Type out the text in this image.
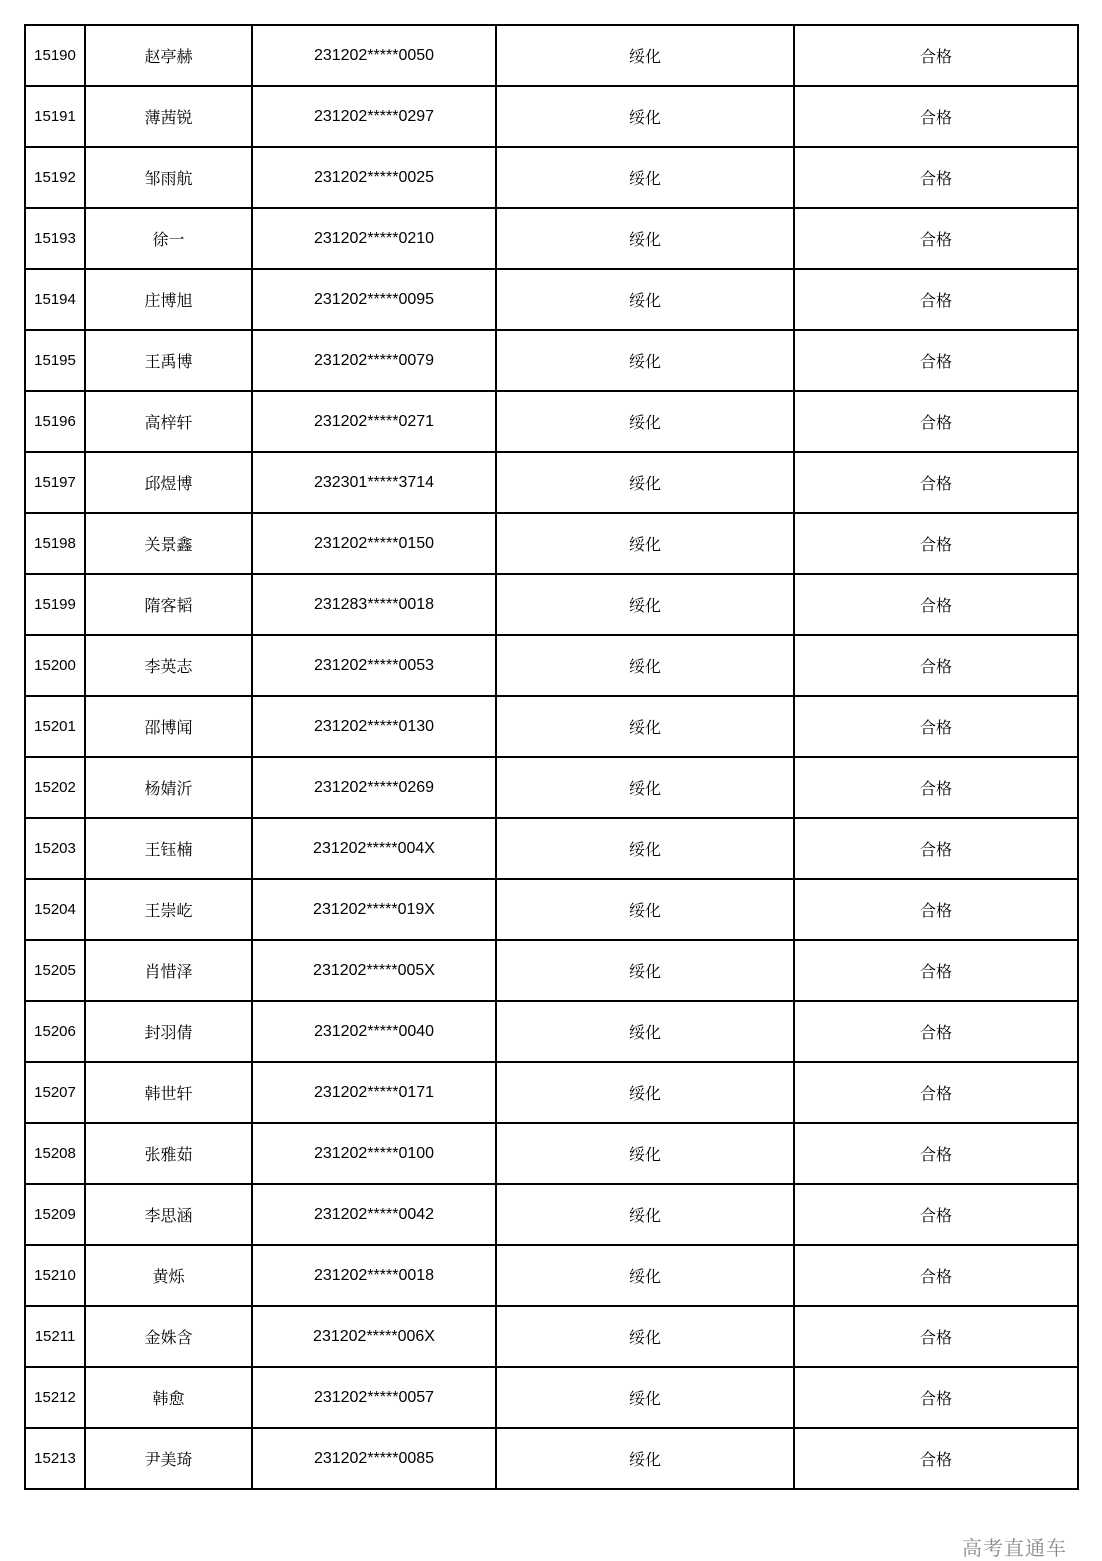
15190	赵亭赫	231202*****0050	绥化	合格
15191	薄茜锐	231202*****0297	绥化	合格
15192	邹雨航	231202*****0025	绥化	合格
15193	徐一	231202*****0210	绥化	合格
15194	庄博旭	231202*****0095	绥化	合格
15195	王禹博	231202*****0079	绥化	合格
15196	高梓轩	231202*****0271	绥化	合格
15197	邱煜博	232301*****3714	绥化	合格
15198	关景鑫	231202*****0150	绥化	合格
15199	隋客韬	231283*****0018	绥化	合格
15200	李英志	231202*****0053	绥化	合格
15201	邵博闻	231202*****0130	绥化	合格
15202	杨婧沂	231202*****0269	绥化	合格
15203	王钰楠	231202*****004X	绥化	合格
15204	王崇屹	231202*****019X	绥化	合格
15205	肖惜泽	231202*****005X	绥化	合格
15206	封羽倩	231202*****0040	绥化	合格
15207	韩世轩	231202*****0171	绥化	合格
15208	张雅茹	231202*****0100	绥化	合格
15209	李思涵	231202*****0042	绥化	合格
15210	黄烁	231202*****0018	绥化	合格
15211	金姝含	231202*****006X	绥化	合格
15212	韩愈	231202*****0057	绥化	合格
15213	尹美琦	231202*****0085	绥化	合格
高考直通车
